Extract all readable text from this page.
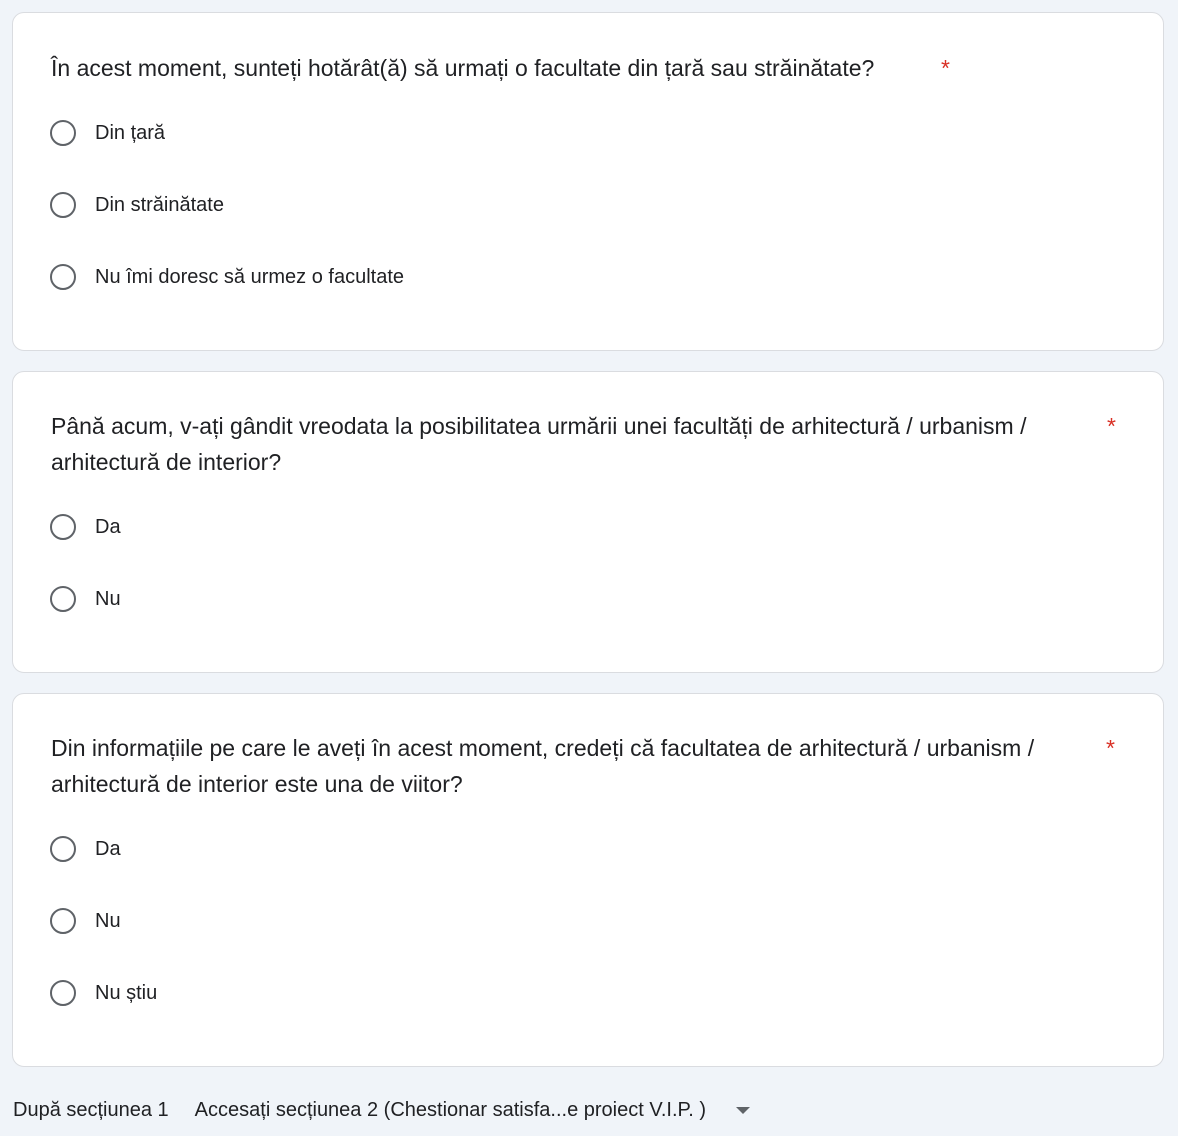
În acest moment, sunteți hotărât(ă) să urmați o facultate din țară sau străinătate?	*
Din țară
Din străinătate
Nu îmi doresc să urmez o facultate
Până acum, v-ați gândit vreodata la posibilitatea urmării unei facultăți de arhitectură / urbanism / arhitectură de interior?
*
Da
Nu
Din informațiile pe care le aveți în acest moment, credeți că facultatea de arhitectură / urbanism / arhitectură de interior este una de viitor?
*
Da
Nu
Nu știu
După secțiunea 1 Accesați secțiunea 2 (Chestionar satisfa...e proiect V.I.P. )
